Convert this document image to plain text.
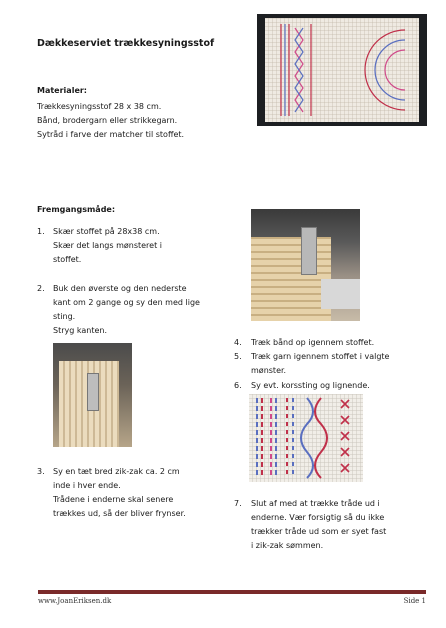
Dækkeserviet trækkesyningsstof
Materialer:
Trækkesyningsstof 28 x 38 cm.
Bånd, brodergarn eller strikkegarn.
Sytråd i farve der matcher til stoffet.
Fremgangsmåde:
1. Skær stoffet på 28x38 cm.
Skær det langs mønsteret i
stoffet.
2. Buk den øverste og den nederste
kant om 2 gange og sy den med lige
sting.
Stryg kanten.
3. Sy en tæt bred zik-zak ca. 2 cm
inde i hver ende.
Trådene i enderne skal senere
trækkes ud, så der bliver frynser.
4. Træk bånd op igennem stoffet.
5. Træk garn igennem stoffet i valgte
mønster.
6. Sy evt. korssting og lignende.
7. Slut af med at trække tråde ud i
enderne. Vær forsigtig så du ikke
trækker tråde ud som er syet fast
i zik-zak sømmen.
www.JoanEriksen.dk	Side 1
